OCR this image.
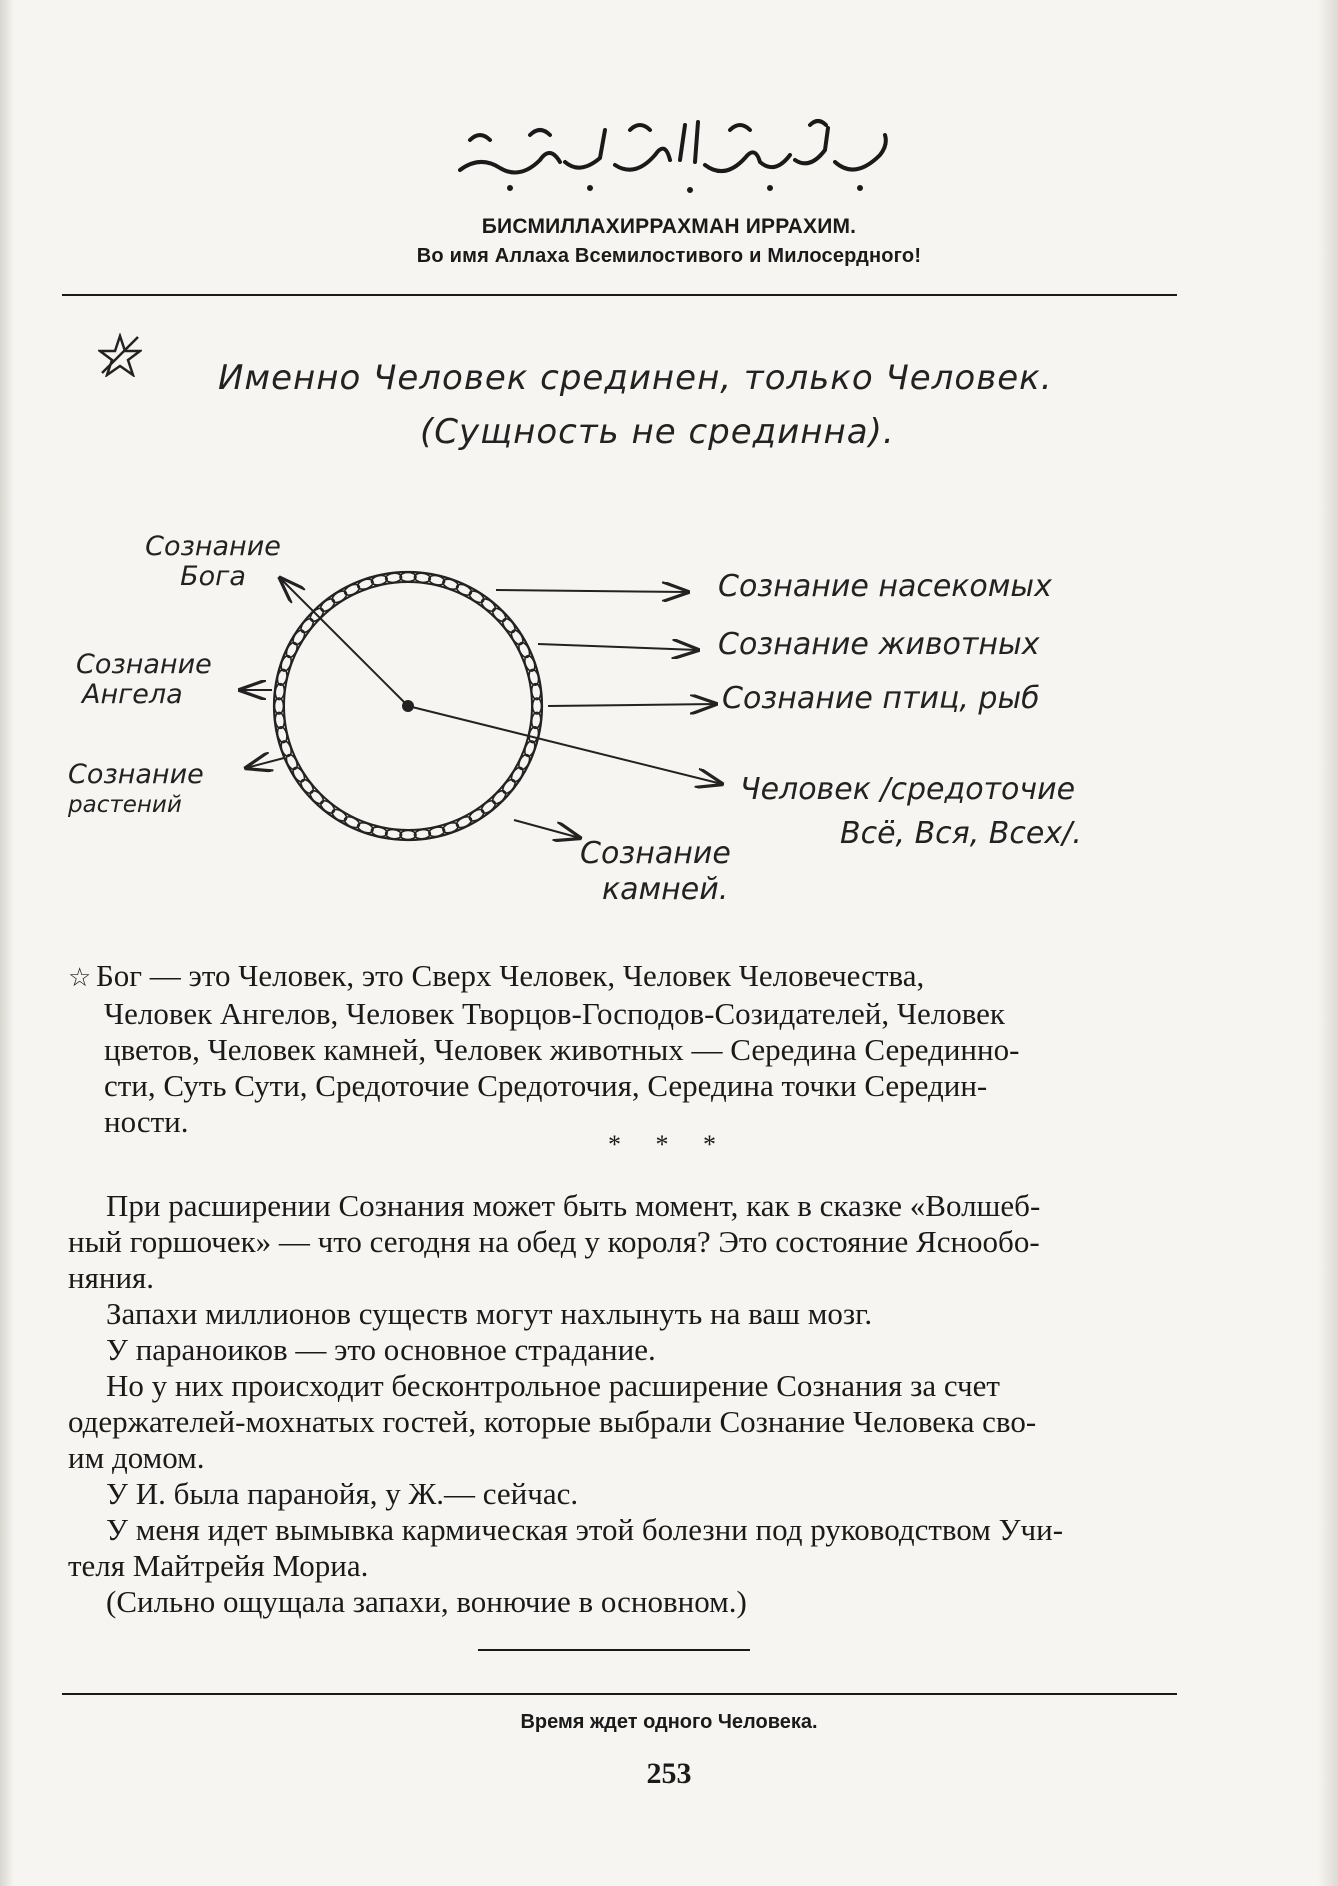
БИСМИЛЛАХИРРАХМАН ИРРАХИМ.
Во имя Аллаха Всемилостивого и Милосердного!
Именно Человек срединен, только Человек.
(Сущность не срединна).
Сознание
Бога
Сознание
Ангела
Сознание
растений
Сознание насекомых
Сознание животных
Сознание птиц, рыб
Человек /средоточие
Всё, Вся, Всех/.
Сознание
камней.
☆ Бог — это Человек, это Сверх Человек, Человек Человечества,
Человек Ангелов, Человек Творцов-Господов-Созидателей, Человек
цветов, Человек камней, Человек животных — Середина Серединно-
сти, Суть Сути, Средоточие Средоточия, Середина точки Середин-
ности.
* * *
При расширении Сознания может быть момент, как в сказке «Волшеб-
ный горшочек» — что сегодня на обед у короля? Это состояние Яснообо-
няния.
Запахи миллионов существ могут нахлынуть на ваш мозг.
У параноиков — это основное страдание.
Но у них происходит бесконтрольное расширение Сознания за счет
одержателей-мохнатых гостей, которые выбрали Сознание Человека сво-
им домом.
У И. была паранойя, у Ж.— сейчас.
У меня идет вымывка кармическая этой болезни под руководством Учи-
теля Майтрейя Мориа.
(Сильно ощущала запахи, вонючие в основном.)
Время ждет одного Человека.
253
